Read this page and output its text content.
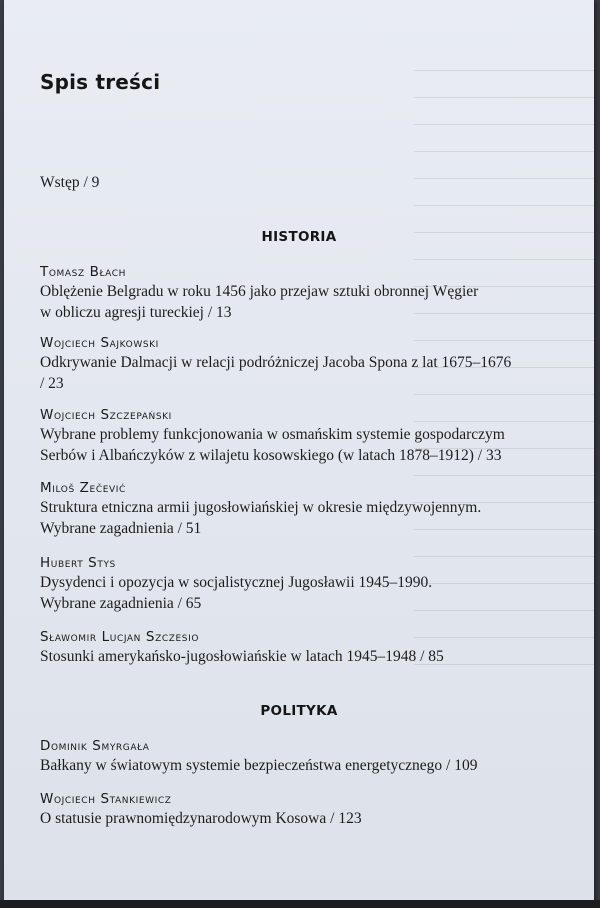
Spis treści
Wstęp / 9
HISTORIA
Tomasz Błach
Oblężenie Belgradu w roku 1456 jako przejaw sztuki obronnej Węgier
w obliczu agresji tureckiej / 13
Wojciech Sajkowski
Odkrywanie Dalmacji w relacji podróżniczej Jacoba Spona z lat 1675–1676
/ 23
Wojciech Szczepański
Wybrane problemy funkcjonowania w osmańskim systemie gospodarczym
Serbów i Albańczyków z wilajetu kosowskiego (w latach 1878–1912) / 33
Miloš Zečević
Struktura etniczna armii jugosłowiańskiej w okresie międzywojennym.
Wybrane zagadnienia / 51
Hubert Stys
Dysydenci i opozycja w socjalistycznej Jugosławii 1945–1990.
Wybrane zagadnienia / 65
Sławomir Lucjan Szczesio
Stosunki amerykańsko-jugosłowiańskie w latach 1945–1948 / 85
POLITYKA
Dominik Smyrgała
Bałkany w światowym systemie bezpieczeństwa energetycznego / 109
Wojciech Stankiewicz
O statusie prawnomiędzynarodowym Kosowa / 123
